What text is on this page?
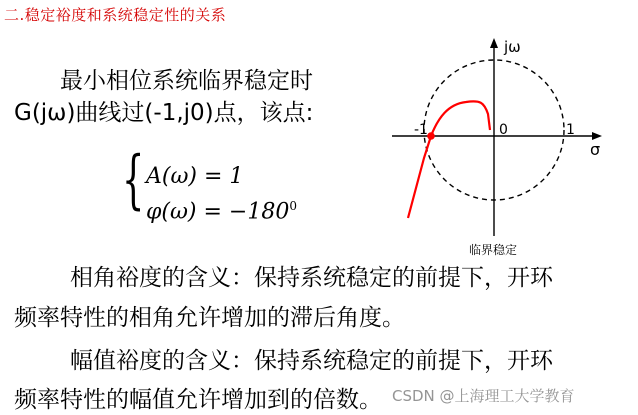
二.稳定裕度和系统稳定性的关系
最小相位系统临界稳定时
G(jω)曲线过(-1,j0)点，该点:
{ A(ω) = 1
$\varphi(\omega) = -180^0$
jω
σ
-1	0	1
临界稳定
相角裕度的含义：保持系统稳定的前提下，开环
频率特性的相角允许增加的滞后角度。
幅值裕度的含义：保持系统稳定的前提下，开环
频率特性的幅值允许增加到的倍数。 CSDN @上海理工大学教育
